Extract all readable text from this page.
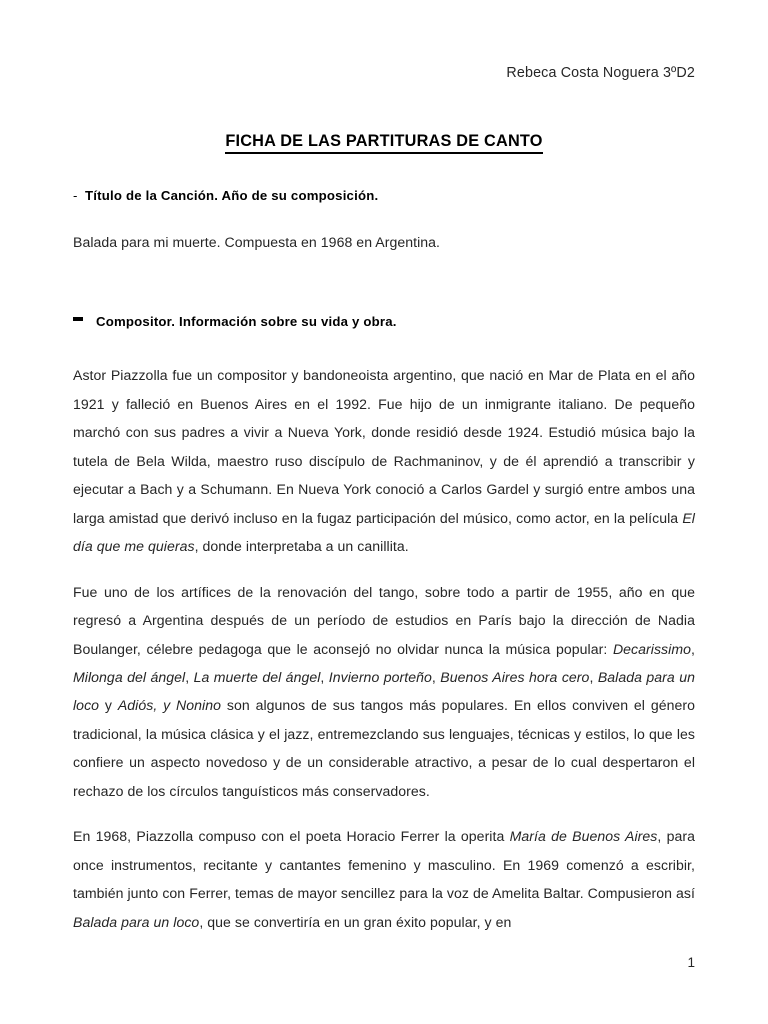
Rebeca Costa Noguera 3ºD2
FICHA DE LAS PARTITURAS DE CANTO
- Título de la Canción. Año de su composición.

Balada para mi muerte. Compuesta en 1968 en Argentina.

Compositor. Información sobre su vida y obra.

Astor Piazzolla fue un compositor y bandoneoista argentino, que nació en Mar de Plata en el año 1921 y falleció en Buenos Aires en el 1992. Fue hijo de un inmigrante italiano. De pequeño marchó con sus padres a vivir a Nueva York, donde residió desde 1924. Estudió música bajo la tutela de Bela Wilda, maestro ruso discípulo de Rachmaninov, y de él aprendió a transcribir y ejecutar a Bach y a Schumann. En Nueva York conoció a Carlos Gardel y surgió entre ambos una larga amistad que derivó incluso en la fugaz participación del músico, como actor, en la película El día que me quieras, donde interpretaba a un canillita.

Fue uno de los artífices de la renovación del tango, sobre todo a partir de 1955, año en que regresó a Argentina después de un período de estudios en París bajo la dirección de Nadia Boulanger, célebre pedagoga que le aconsejó no olvidar nunca la música popular: Decarissimo, Milonga del ángel, La muerte del ángel, Invierno porteño, Buenos Aires hora cero, Balada para un loco y Adiós, y Nonino son algunos de sus tangos más populares. En ellos conviven el género tradicional, la música clásica y el jazz, entremezclando sus lenguajes, técnicas y estilos, lo que les confiere un aspecto novedoso y de un considerable atractivo, a pesar de lo cual despertaron el rechazo de los círculos tanguísticos más conservadores.

En 1968, Piazzolla compuso con el poeta Horacio Ferrer la operita María de Buenos Aires, para once instrumentos, recitante y cantantes femenino y masculino. En 1969 comenzó a escribir, también junto con Ferrer, temas de mayor sencillez para la voz de Amelita Baltar. Compusieron así Balada para un loco, que se convertiría en un gran éxito popular, y en

1
